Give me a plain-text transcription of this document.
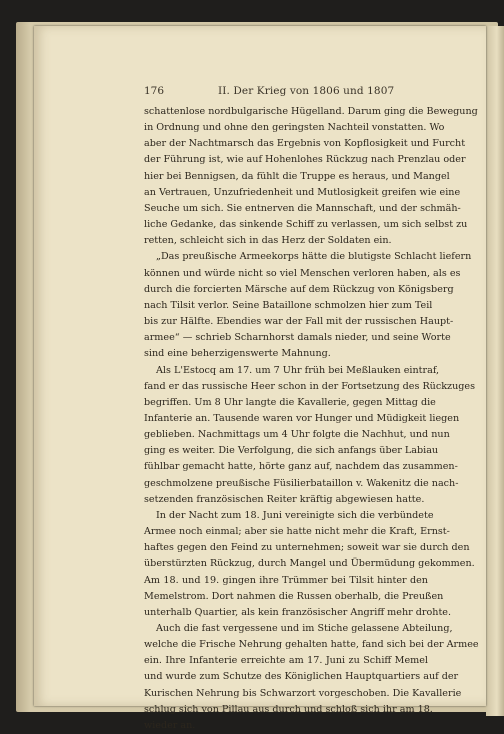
176	II. Der Krieg von 1806 und 1807
schattenlose nordbulgarische Hügelland. Darum ging die Bewegung
in Ordnung und ohne den geringsten Nachteil vonstatten. Wo
aber der Nachtmarsch das Ergebnis von Kopflosigkeit und Furcht
der Führung ist, wie auf Hohenlohes Rückzug nach Prenzlau oder
hier bei Bennigsen, da fühlt die Truppe es heraus, und Mangel
an Vertrauen, Unzufriedenheit und Mutlosigkeit greifen wie eine
Seuche um sich. Sie entnerven die Mannschaft, und der schmäh-
liche Gedanke, das sinkende Schiff zu verlassen, um sich selbst zu
retten, schleicht sich in das Herz der Soldaten ein.
„Das preußische Armeekorps hätte die blutigste Schlacht liefern
können und würde nicht so viel Menschen verloren haben, als es
durch die forcierten Märsche auf dem Rückzug von Königsberg
nach Tilsit verlor. Seine Bataillone schmolzen hier zum Teil
bis zur Hälfte. Ebendies war der Fall mit der russischen Haupt-
armee“ — schrieb Scharnhorst damals nieder, und seine Worte
sind eine beherzigenswerte Mahnung.
Als L'Estocq am 17. um 7 Uhr früh bei Meßlauken eintraf,
fand er das russische Heer schon in der Fortsetzung des Rückzuges
begriffen. Um 8 Uhr langte die Kavallerie, gegen Mittag die
Infanterie an. Tausende waren vor Hunger und Müdigkeit liegen
geblieben. Nachmittags um 4 Uhr folgte die Nachhut, und nun
ging es weiter. Die Verfolgung, die sich anfangs über Labiau
fühlbar gemacht hatte, hörte ganz auf, nachdem das zusammen-
geschmolzene preußische Füsilierbataillon v. Wakenitz die nach-
setzenden französischen Reiter kräftig abgewiesen hatte.
In der Nacht zum 18. Juni vereinigte sich die verbündete
Armee noch einmal; aber sie hatte nicht mehr die Kraft, Ernst-
haftes gegen den Feind zu unternehmen; soweit war sie durch den
überstürzten Rückzug, durch Mangel und Übermüdung gekommen.
Am 18. und 19. gingen ihre Trümmer bei Tilsit hinter den
Memelstrom. Dort nahmen die Russen oberhalb, die Preußen
unterhalb Quartier, als kein französischer Angriff mehr drohte.
Auch die fast vergessene und im Stiche gelassene Abteilung,
welche die Frische Nehrung gehalten hatte, fand sich bei der Armee
ein. Ihre Infanterie erreichte am 17. Juni zu Schiff Memel
und wurde zum Schutze des Königlichen Hauptquartiers auf der
Kurischen Nehrung bis Schwarzort vorgeschoben. Die Kavallerie
schlug sich von Pillau aus durch und schloß sich ihr am 18.
wieder an.
